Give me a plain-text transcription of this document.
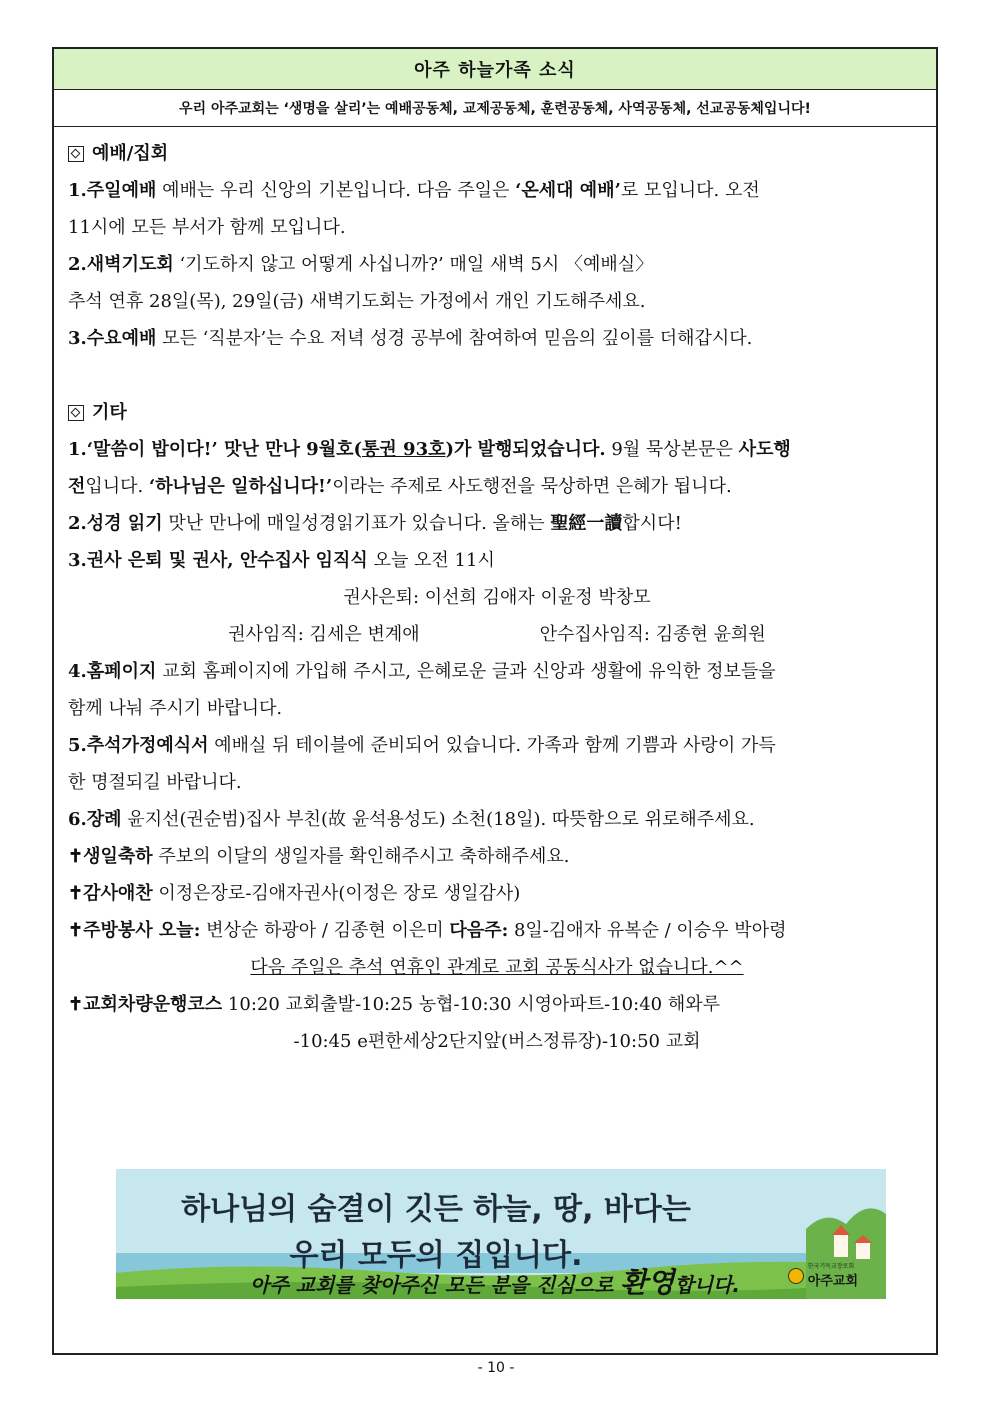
아주 하늘가족 소식
우리 아주교회는 ‘생명을 살리’는 예배공동체, 교제공동체, 훈련공동체, 사역공동체, 선교공동체입니다!
예배/집회
1.주일예배 예배는 우리 신앙의 기본입니다. 다음 주일은 ‘온세대 예배’로 모입니다. 오전
11시에 모든 부서가 함께 모입니다.
2.새벽기도회 ‘기도하지 않고 어떻게 사십니까?’ 매일 새벽 5시 〈예배실〉
추석 연휴 28일(목), 29일(금) 새벽기도회는 가정에서 개인 기도해주세요.
3.수요예배 모든 ‘직분자’는 수요 저녁 성경 공부에 참여하여 믿음의 깊이를 더해갑시다.
기타
1.‘말씀이 밥이다!’ 맛난 만나 9월호(통권 93호)가 발행되었습니다. 9월 묵상본문은 사도행
전입니다. ‘하나님은 일하십니다!’이라는 주제로 사도행전을 묵상하면 은혜가 됩니다.
2.성경 읽기 맛난 만나에 매일성경읽기표가 있습니다. 올해는 聖經一讀합시다!
3.권사 은퇴 및 권사, 안수집사 임직식 오늘 오전 11시
권사은퇴: 이선희 김애자 이윤정 박창모
권사임직: 김세은 변계애	안수집사임직: 김종현 윤희원
4.홈페이지 교회 홈페이지에 가입해 주시고, 은혜로운 글과 신앙과 생활에 유익한 정보들을
함께 나눠 주시기 바랍니다.
5.추석가정예식서 예배실 뒤 테이블에 준비되어 있습니다. 가족과 함께 기쁨과 사랑이 가득
한 명절되길 바랍니다.
6.장례 윤지선(권순범)집사 부친(故 윤석용성도) 소천(18일). 따뜻함으로 위로해주세요.
✝생일축하 주보의 이달의 생일자를 확인해주시고 축하해주세요.
✝감사애찬 이정은장로-김애자권사(이정은 장로 생일감사)
✝주방봉사 오늘: 변상순 하광아 / 김종현 이은미 다음주: 8일-김애자 유복순 / 이승우 박아령
다음 주일은 추석 연휴인 관계로 교회 공동식사가 없습니다.^^
✝교회차량운행코스 10:20 교회출발-10:25 농협-10:30 시영아파트-10:40 해와루
-10:45 e편한세상2단지앞(버스정류장)-10:50 교회
하나님의 숨결이 깃든 하늘, 땅, 바다는
우리 모두의 집입니다.	한국기독교장로회
아주교회
아주 교회를 찾아주신 모든 분을 진심으로 환영합니다.
- 10 -
